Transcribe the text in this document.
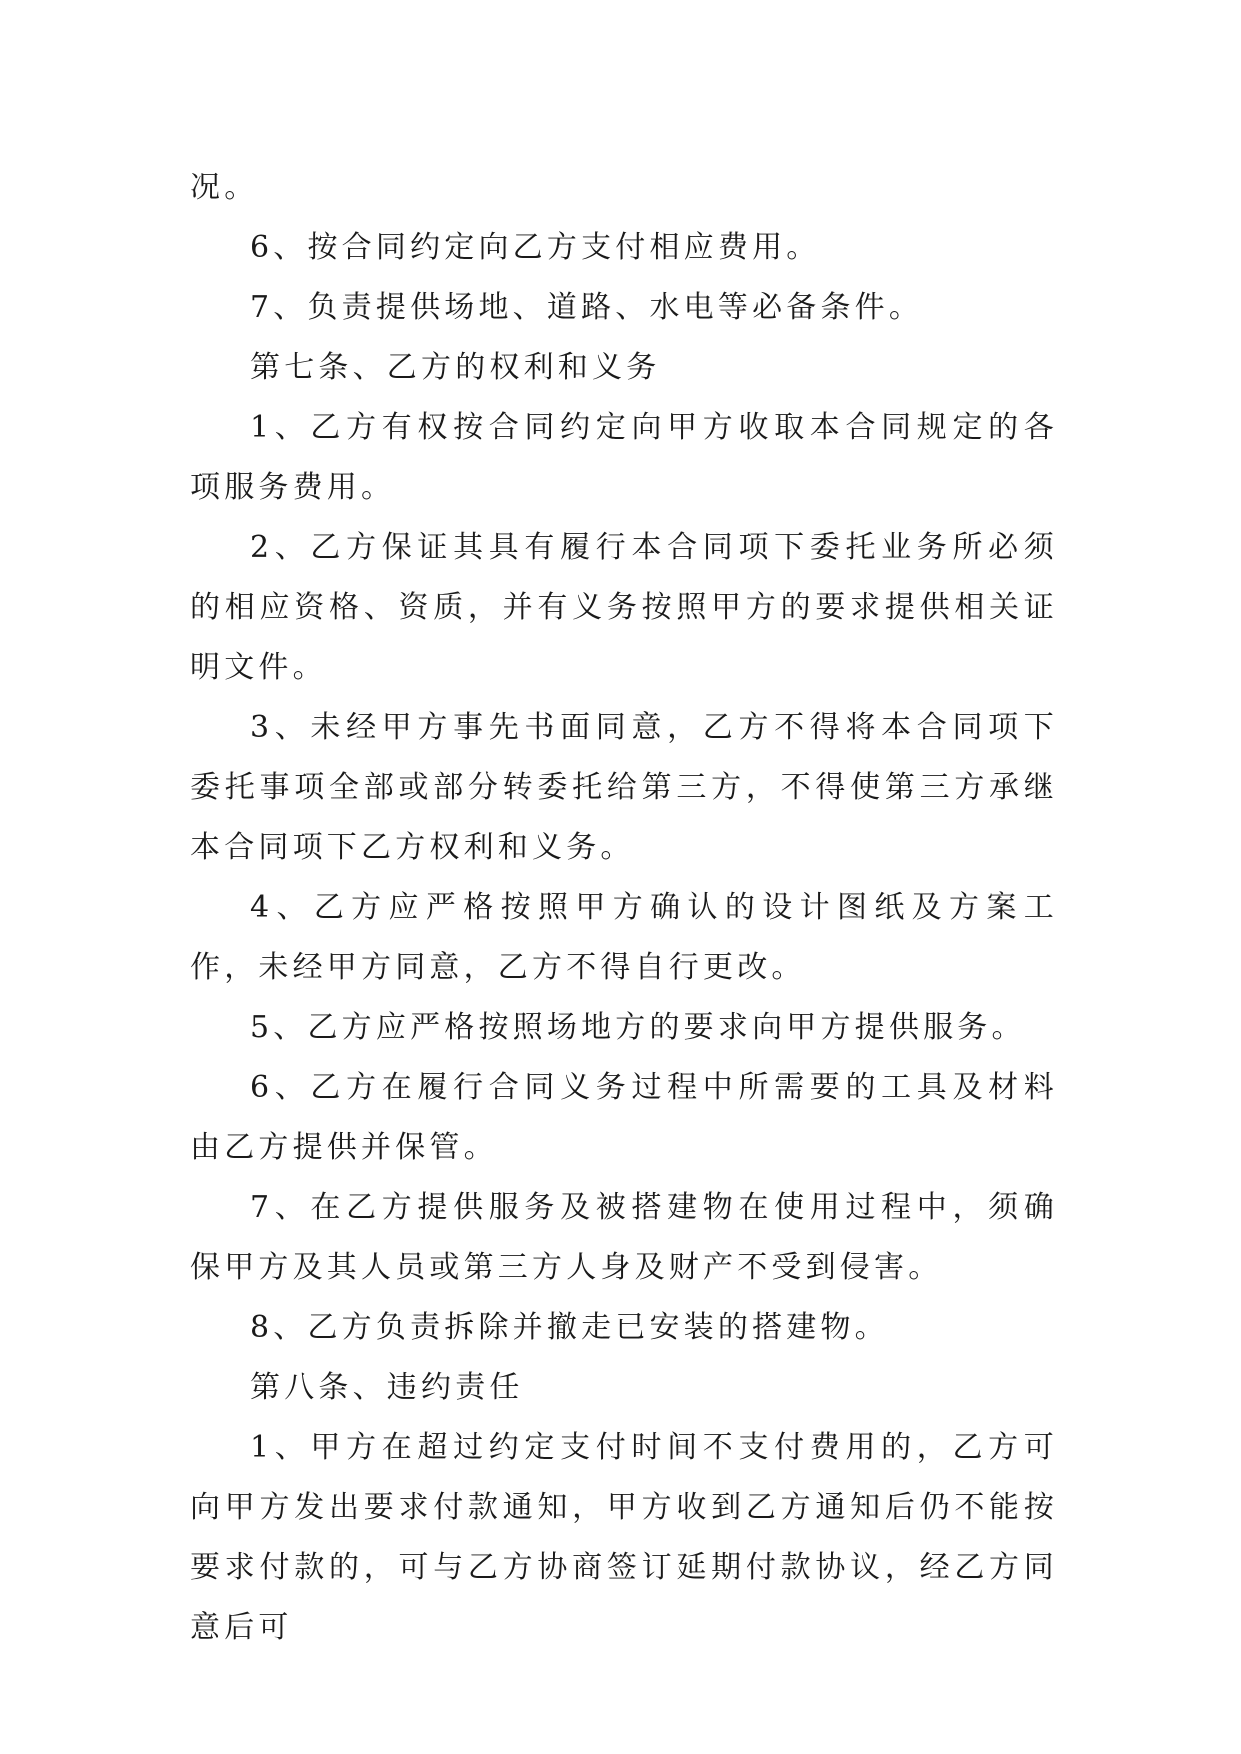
况。

6、按合同约定向乙方支付相应费用。

7、负责提供场地、道路、水电等必备条件。

第七条、乙方的权利和义务

1、乙方有权按合同约定向甲方收取本合同规定的各项服务费用。

2、乙方保证其具有履行本合同项下委托业务所必须的相应资格、资质，并有义务按照甲方的要求提供相关证明文件。

3、未经甲方事先书面同意，乙方不得将本合同项下委托事项全部或部分转委托给第三方，不得使第三方承继本合同项下乙方权利和义务。

4、乙方应严格按照甲方确认的设计图纸及方案工作，未经甲方同意，乙方不得自行更改。

5、乙方应严格按照场地方的要求向甲方提供服务。

6、乙方在履行合同义务过程中所需要的工具及材料由乙方提供并保管。

7、在乙方提供服务及被搭建物在使用过程中，须确保甲方及其人员或第三方人身及财产不受到侵害。

8、乙方负责拆除并撤走已安装的搭建物。

第八条、违约责任

1、甲方在超过约定支付时间不支付费用的，乙方可向甲方发出要求付款通知，甲方收到乙方通知后仍不能按要求付款的，可与乙方协商签订延期付款协议，经乙方同意后可
